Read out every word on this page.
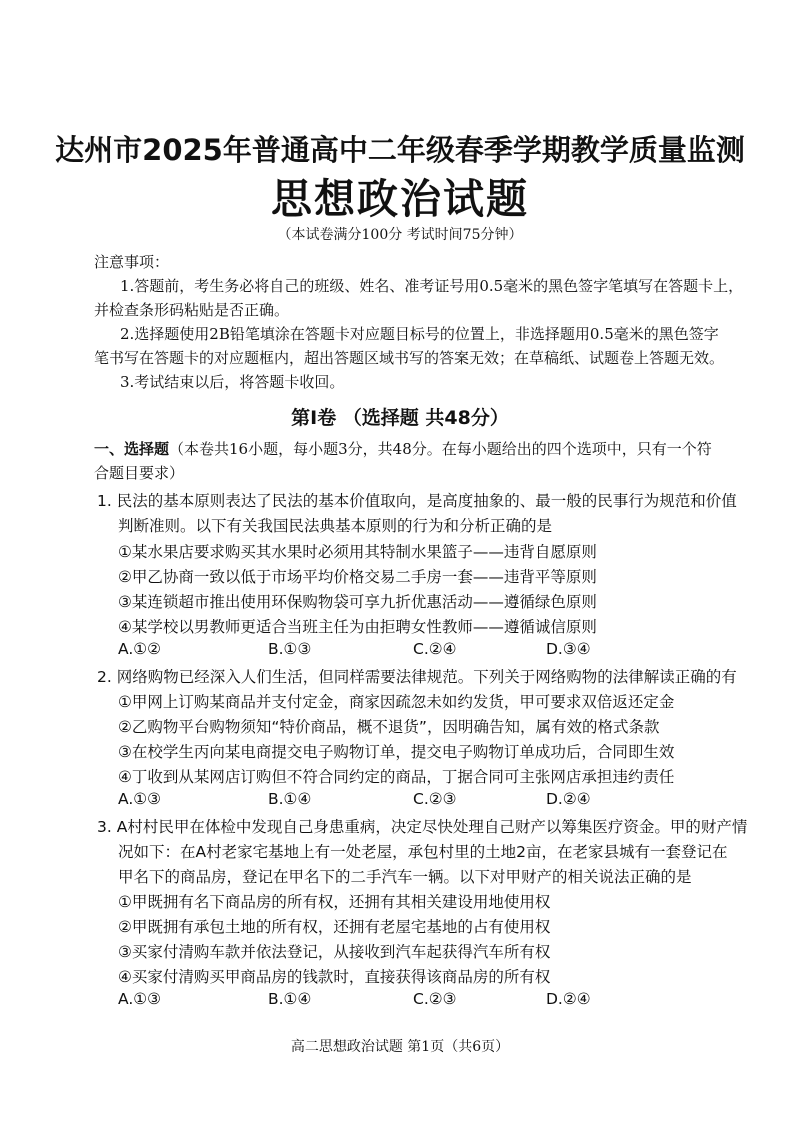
达州市2025年普通高中二年级春季学期教学质量监测
思想政治试题
（本试卷满分100分 考试时间75分钟）
注意事项：
1.答题前，考生务必将自己的班级、姓名、准考证号用0.5毫米的黑色签字笔填写在答题卡上，
并检查条形码粘贴是否正确。
2.选择题使用2B铅笔填涂在答题卡对应题目标号的位置上，非选择题用0.5毫米的黑色签字
笔书写在答题卡的对应题框内，超出答题区域书写的答案无效；在草稿纸、试题卷上答题无效。
3.考试结束以后，将答题卡收回。
第Ⅰ卷 （选择题 共48分）
一、选择题（本卷共16小题，每小题3分，共48分。在每小题给出的四个选项中，只有一个符
合题目要求）
1. 民法的基本原则表达了民法的基本价值取向，是高度抽象的、最一般的民事行为规范和价值
判断准则。以下有关我国民法典基本原则的行为和分析正确的是
①某水果店要求购买其水果时必须用其特制水果篮子——违背自愿原则
②甲乙协商一致以低于市场平均价格交易二手房一套——违背平等原则
③某连锁超市推出使用环保购物袋可享九折优惠活动——遵循绿色原则
④某学校以男教师更适合当班主任为由拒聘女性教师——遵循诚信原则
A.①②	B.①③	C.②④	D.③④
2. 网络购物已经深入人们生活，但同样需要法律规范。下列关于网络购物的法律解读正确的有
①甲网上订购某商品并支付定金，商家因疏忽未如约发货，甲可要求双倍返还定金
②乙购物平台购物须知“特价商品，概不退货”，因明确告知，属有效的格式条款
③在校学生丙向某电商提交电子购物订单，提交电子购物订单成功后，合同即生效
④丁收到从某网店订购但不符合同约定的商品，丁据合同可主张网店承担违约责任
A.①③	B.①④	C.②③	D.②④
3. A村村民甲在体检中发现自己身患重病，决定尽快处理自己财产以筹集医疗资金。甲的财产情
况如下：在A村老家宅基地上有一处老屋，承包村里的土地2亩，在老家县城有一套登记在
甲名下的商品房，登记在甲名下的二手汽车一辆。以下对甲财产的相关说法正确的是
①甲既拥有名下商品房的所有权，还拥有其相关建设用地使用权
②甲既拥有承包土地的所有权，还拥有老屋宅基地的占有使用权
③买家付清购车款并依法登记，从接收到汽车起获得汽车所有权
④买家付清购买甲商品房的钱款时，直接获得该商品房的所有权
A.①③	B.①④	C.②③	D.②④
高二思想政治试题 第1页（共6页）
